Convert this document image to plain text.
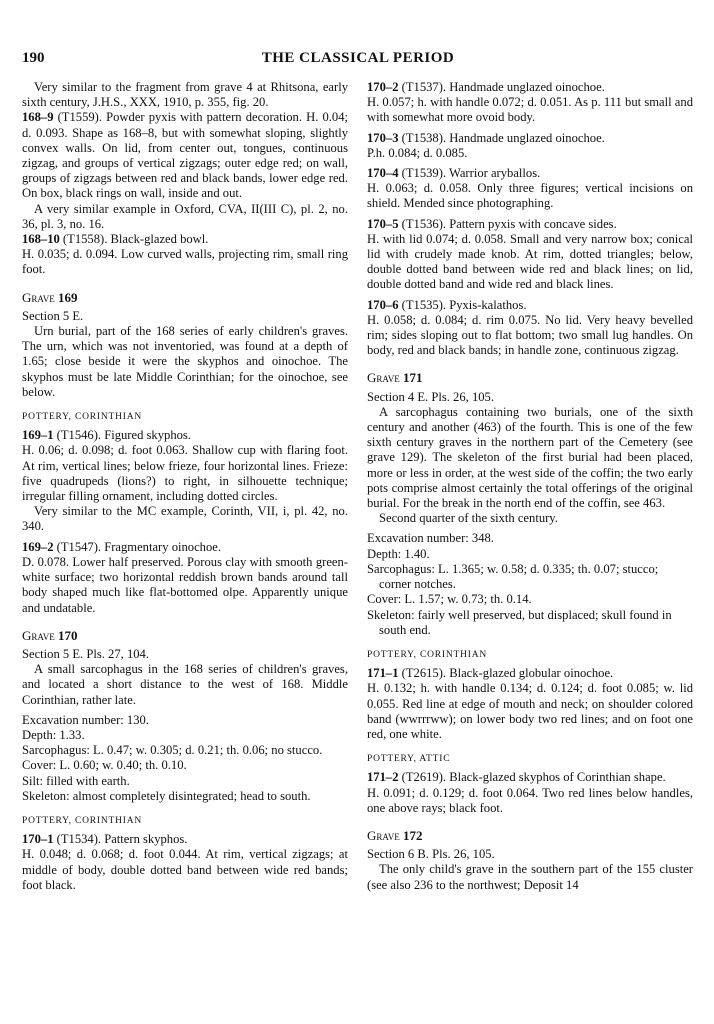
190	THE CLASSICAL PERIOD

Very similar to the fragment from grave 4 at Rhitsona, early sixth century, J.H.S., XXX, 1910, p. 355, fig. 20.

168–9 (T1559). Powder pyxis with pattern decoration. H. 0.04; d. 0.093. Shape as 168–8, but with somewhat sloping, slightly convex walls. On lid, from center out, tongues, continuous zigzag, and groups of vertical zigzags; outer edge red; on wall, groups of zigzags between red and black bands, lower edge red. On box, black rings on wall, inside and out.

A very similar example in Oxford, CVA, II(III C), pl. 2, no. 36, pl. 3, no. 16.

168–10 (T1558). Black-glazed bowl.

H. 0.035; d. 0.094. Low curved walls, projecting rim, small ring foot.

Grave 169

Section 5 E.

Urn burial, part of the 168 series of early children's graves. The urn, which was not inventoried, was found at a depth of 1.65; close beside it were the skyphos and oinochoe. The skyphos must be late Middle Corinthian; for the oinochoe, see below.

POTTERY, CORINTHIAN

169–1 (T1546). Figured skyphos.

H. 0.06; d. 0.098; d. foot 0.063. Shallow cup with flaring foot. At rim, vertical lines; below frieze, four horizontal lines. Frieze: five quadrupeds (lions?) to right, in silhouette technique; irregular filling ornament, including dotted circles.

Very similar to the MC example, Corinth, VII, i, pl. 42, no. 340.

169–2 (T1547). Fragmentary oinochoe.

D. 0.078. Lower half preserved. Porous clay with smooth green-white surface; two horizontal reddish brown bands around tall body shaped much like flat-bottomed olpe. Apparently unique and undatable.

Grave 170

Section 5 E. Pls. 27, 104.

A small sarcophagus in the 168 series of children's graves, and located a short distance to the west of 168. Middle Corinthian, rather late.

Excavation number: 130.

Depth: 1.33.

Sarcophagus: L. 0.47; w. 0.305; d. 0.21; th. 0.06; no stucco.

Cover: L. 0.60; w. 0.40; th. 0.10.

Silt: filled with earth.

Skeleton: almost completely disintegrated; head to south.

POTTERY, CORINTHIAN

170–1 (T1534). Pattern skyphos.

H. 0.048; d. 0.068; d. foot 0.044. At rim, vertical zigzags; at middle of body, double dotted band between wide red bands; foot black.

170–2 (T1537). Handmade unglazed oinochoe.

H. 0.057; h. with handle 0.072; d. 0.051. As p. 111 but small and with somewhat more ovoid body.

170–3 (T1538). Handmade unglazed oinochoe.

P.h. 0.084; d. 0.085.

170–4 (T1539). Warrior aryballos.

H. 0.063; d. 0.058. Only three figures; vertical incisions on shield. Mended since photographing.

170–5 (T1536). Pattern pyxis with concave sides.

H. with lid 0.074; d. 0.058. Small and very narrow box; conical lid with crudely made knob. At rim, dotted triangles; below, double dotted band between wide red and black lines; on lid, double dotted band and wide red and black lines.

170–6 (T1535). Pyxis-kalathos.

H. 0.058; d. 0.084; d. rim 0.075. No lid. Very heavy bevelled rim; sides sloping out to flat bottom; two small lug handles. On body, red and black bands; in handle zone, continuous zigzag.

Grave 171

Section 4 E. Pls. 26, 105.

A sarcophagus containing two burials, one of the sixth century and another (463) of the fourth. This is one of the few sixth century graves in the northern part of the Cemetery (see grave 129). The skeleton of the first burial had been placed, more or less in order, at the west side of the coffin; the two early pots comprise almost certainly the total offerings of the original burial. For the break in the north end of the coffin, see 463.

Second quarter of the sixth century.

Excavation number: 348.

Depth: 1.40.

Sarcophagus: L. 1.365; w. 0.58; d. 0.335; th. 0.07; stucco; corner notches.

Cover: L. 1.57; w. 0.73; th. 0.14.

Skeleton: fairly well preserved, but displaced; skull found in south end.

POTTERY, CORINTHIAN

171–1 (T2615). Black-glazed globular oinochoe.

H. 0.132; h. with handle 0.134; d. 0.124; d. foot 0.085; w. lid 0.055. Red line at edge of mouth and neck; on shoulder colored band (wwrrrww); on lower body two red lines; and on foot one red, one white.

POTTERY, ATTIC

171–2 (T2619). Black-glazed skyphos of Corinthian shape.

H. 0.091; d. 0.129; d. foot 0.064. Two red lines below handles, one above rays; black foot.

Grave 172

Section 6 B. Pls. 26, 105.

The only child's grave in the southern part of the 155 cluster (see also 236 to the northwest; Deposit 14
